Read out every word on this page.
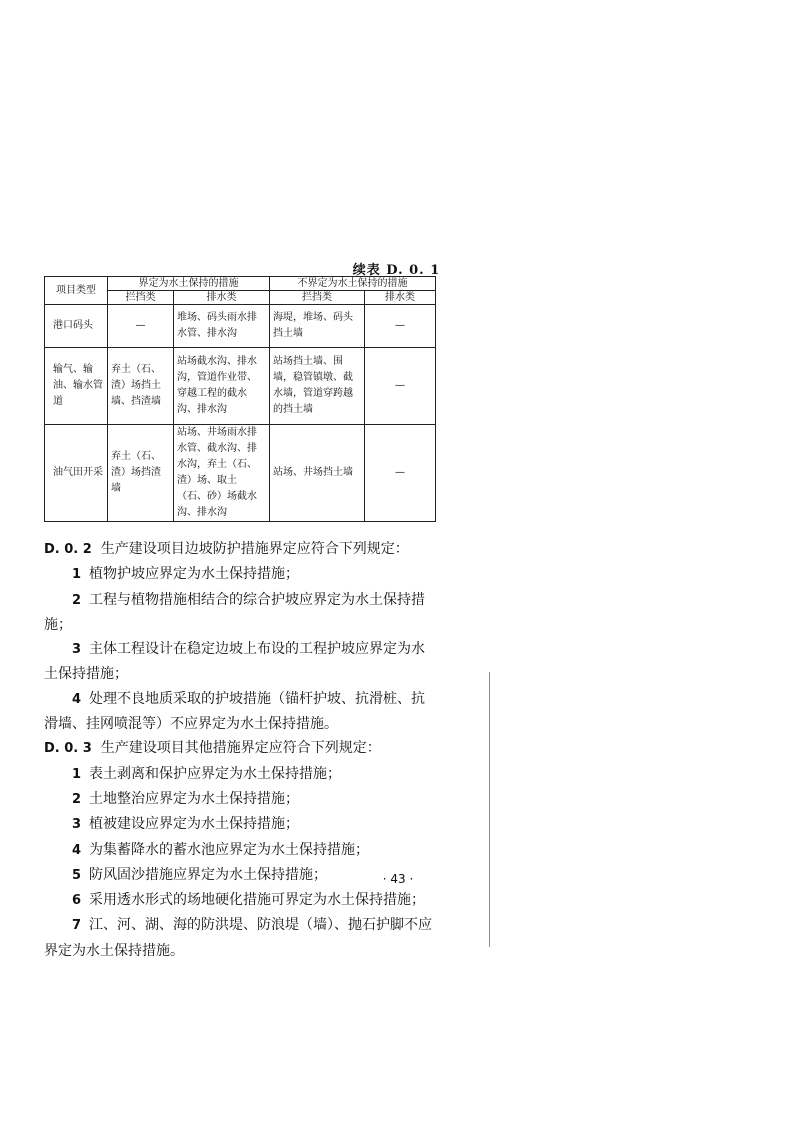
续表 D. 0. 1
项目类型	界定为水土保持的措施		不界定为水土保持的措施	
	拦挡类	排水类	拦挡类	排水类
港口码头	—	堆场、码头雨水排水管、排水沟	海堤，堆场、码头挡土墙	—
输气、输油、输水管道	弃土（石、渣）场挡土墙、挡渣墙	站场截水沟、排水沟，管道作业带、穿越工程的截水沟、排水沟	站场挡土墙、围墙，稳管镇墩、截水墙，管道穿跨越的挡土墙	—
油气田开采	弃土（石、渣）场挡渣墙	站场、井场雨水排水管、截水沟、排水沟，弃土（石、渣）场、取土（石、砂）场截水沟、排水沟	站场、井场挡土墙	—

D. 0. 2 生产建设项目边坡防护措施界定应符合下列规定：

1 植物护坡应界定为水土保持措施；

2 工程与植物措施相结合的综合护坡应界定为水土保持措施；

3 主体工程设计在稳定边坡上布设的工程护坡应界定为水土保持措施；

4 处理不良地质采取的护坡措施（锚杆护坡、抗滑桩、抗滑墙、挂网喷混等）不应界定为水土保持措施。

D. 0. 3 生产建设项目其他措施界定应符合下列规定：

1 表土剥离和保护应界定为水土保持措施；

2 土地整治应界定为水土保持措施；

3 植被建设应界定为水土保持措施；

4 为集蓄降水的蓄水池应界定为水土保持措施；

5 防风固沙措施应界定为水土保持措施；

6 采用透水形式的场地硬化措施可界定为水土保持措施；

7 江、河、湖、海的防洪堤、防浪堤（墙）、抛石护脚不应界定为水土保持措施。

· 43 ·
